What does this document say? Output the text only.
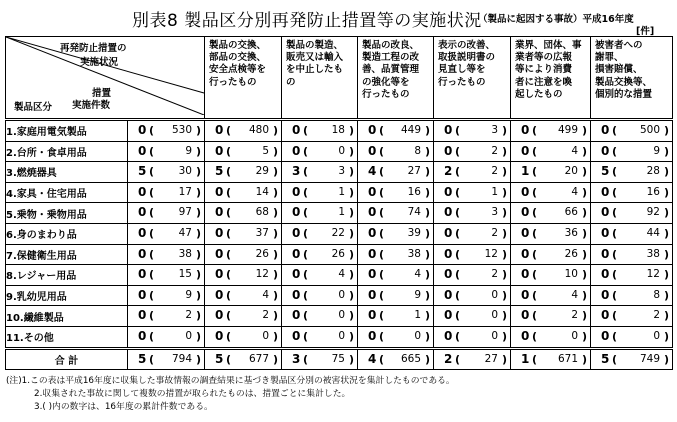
別表8 製品区分別再発防止措置等の実施状況
（製品に起因する事故）平成16年度
[件]
再発防止措置の
実施状況
措置
製品区分 実施件数		製品の交換、
部品の交換、
安全点検等を
行ったもの	製品の製造、
販売又は輸入
を中止したも
の	製品の改良、
製造工程の改
善、品質管理
の強化等を
行ったもの	表示の改善、
取扱説明書の
見直し等を
行ったもの	業界、団体、事
業者等の広報
等により消費
者に注意を喚
起したもの	被害者への
謝罪、
損害賠償、
製品交換等、
個別的な措置

1.家庭用電気製品	0 ( 530 )	0 ( 480 )	0 ( 18 )	0 ( 449 )	0 ( 3 )	0 ( 499 )	0 ( 500 )

2.台所・食卓用品	0 ( 9 )	0 ( 5 )	0 ( 0 )	0 ( 8 )	0 ( 2 )	0 ( 4 )	0 ( 9 )

3.燃焼器具	5 ( 30 )	5 ( 29 )	3 ( 3 )	4 ( 27 )	2 ( 2 )	1 ( 20 )	5 ( 28 )

4.家具・住宅用品	0 ( 17 )	0 ( 14 )	0 ( 1 )	0 ( 16 )	0 ( 1 )	0 ( 4 )	0 ( 16 )

5.乗物・乗物用品	0 ( 97 )	0 ( 68 )	0 ( 1 )	0 ( 74 )	0 ( 3 )	0 ( 66 )	0 ( 92 )

6.身のまわり品	0 ( 47 )	0 ( 37 )	0 ( 22 )	0 ( 39 )	0 ( 2 )	0 ( 36 )	0 ( 44 )

7.保健衛生用品	0 ( 38 )	0 ( 26 )	0 ( 26 )	0 ( 38 )	0 ( 12 )	0 ( 26 )	0 ( 38 )

8.レジャー用品	0 ( 15 )	0 ( 12 )	0 ( 4 )	0 ( 4 )	0 ( 2 )	0 ( 10 )	0 ( 12 )

9.乳幼児用品	0 ( 9 )	0 ( 4 )	0 ( 0 )	0 ( 9 )	0 ( 0 )	0 ( 4 )	0 ( 8 )

10.繊維製品	0 ( 2 )	0 ( 2 )	0 ( 0 )	0 ( 1 )	0 ( 0 )	0 ( 2 )	0 ( 2 )

11.その他	0 ( 0 )	0 ( 0 )	0 ( 0 )	0 ( 0 )	0 ( 0 )	0 ( 0 )	0 ( 0 )

合 計	5 ( 794 )	5 ( 677 )	3 ( 75 )	4 ( 665 )	2 ( 27 )	1 ( 671 )	5 ( 749 )
(注)1.この表は平成16年度に収集した事故情報の調査結果に基づき製品区分別の被害状況を集計したものである。
2.収集された事故に関して複数の措置が取られたものは、措置ごとに集計した。
3.( )内の数字は、16年度の累計件数である。
